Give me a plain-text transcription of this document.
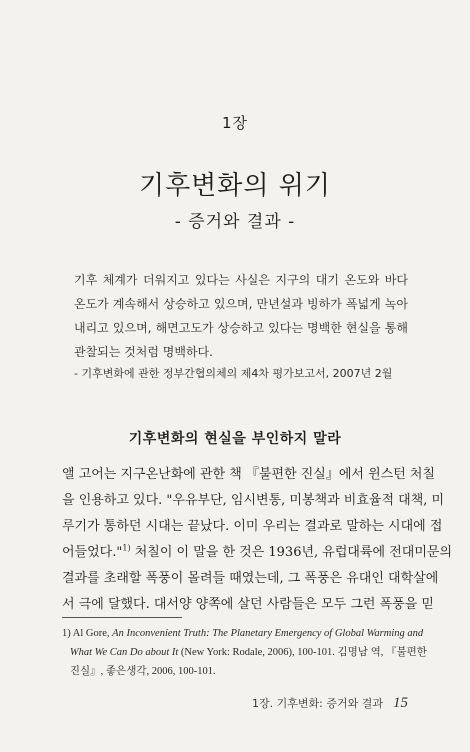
1장
기후변화의 위기
- 증거와 결과 -
기후 체계가 더워지고 있다는 사실은 지구의 대기 온도와 바다 온도가 계속해서 상승하고 있으며, 만년설과 빙하가 폭넓게 녹아내리고 있으며, 해면고도가 상승하고 있다는 명백한 현실을 통해 관찰되는 것처럼 명백하다.
- 기후변화에 관한 정부간협의체의 제4차 평가보고서, 2007년 2월
기후변화의 현실을 부인하지 말라
앨 고어는 지구온난화에 관한 책 『불편한 진실』에서 윈스턴 처칠
을 인용하고 있다. "우유부단, 임시변통, 미봉책과 비효율적 대책, 미
루기가 통하던 시대는 끝났다. 이미 우리는 결과로 말하는 시대에 접
어들었다."$^{1)}$ 처칠이 이 말을 한 것은 1936년, 유럽대륙에 전대미문의
결과를 초래할 폭풍이 몰려들 때였는데, 그 폭풍은 유대인 대학살에
서 극에 달했다. 대서양 양쪽에 살던 사람들은 모두 그런 폭풍을 믿
1) Al Gore, An Inconvenient Truth: The Planetary Emergency of Global Warming and
What We Can Do about It (New York: Rodale, 2006), 100-101. 김명남 역, 『불편한
진실』, 좋은생각, 2006, 100-101.
1장. 기후변화: 증거와 결과 15
